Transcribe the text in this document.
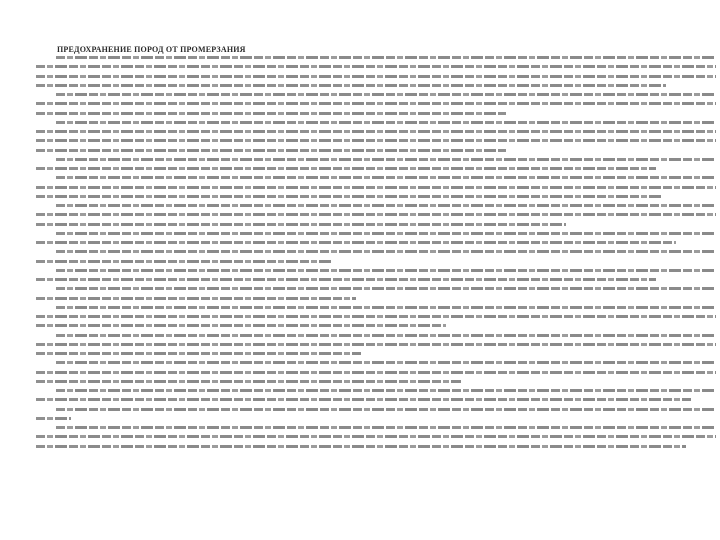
ПРЕДОХРАНЕНИЕ ПОРОД ОТ ПРОМЕРЗАНИЯ
